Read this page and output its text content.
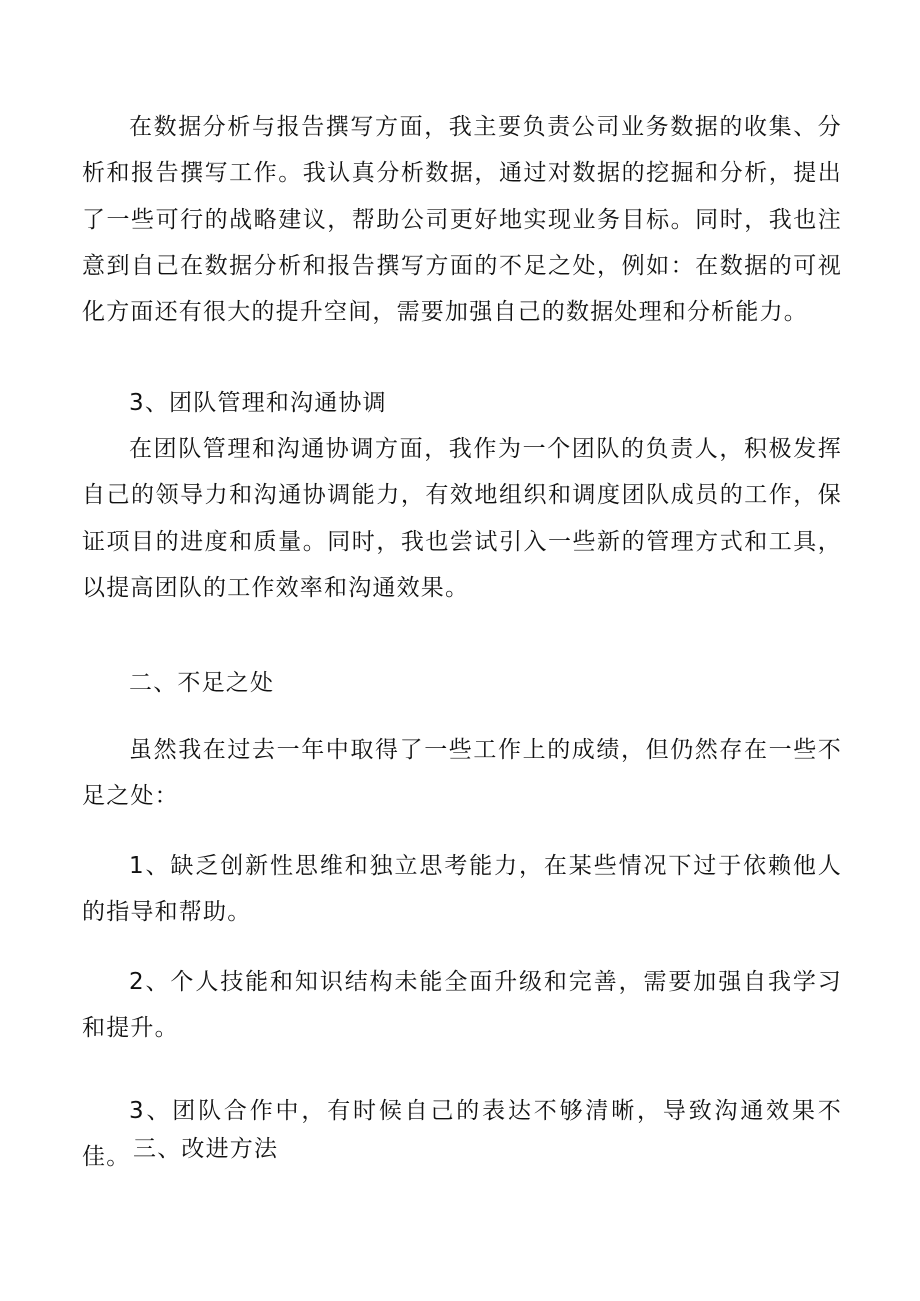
在数据分析与报告撰写方面，我主要负责公司业务数据的收集、分析和报告撰写工作。我认真分析数据，通过对数据的挖掘和分析，提出了一些可行的战略建议，帮助公司更好地实现业务目标。同时，我也注意到自己在数据分析和报告撰写方面的不足之处，例如：在数据的可视化方面还有很大的提升空间，需要加强自己的数据处理和分析能力。

3、团队管理和沟通协调

在团队管理和沟通协调方面，我作为一个团队的负责人，积极发挥自己的领导力和沟通协调能力，有效地组织和调度团队成员的工作，保证项目的进度和质量。同时，我也尝试引入一些新的管理方式和工具，以提高团队的工作效率和沟通效果。

二、不足之处

虽然我在过去一年中取得了一些工作上的成绩，但仍然存在一些不足之处：

1、缺乏创新性思维和独立思考能力，在某些情况下过于依赖他人的指导和帮助。

2、个人技能和知识结构未能全面升级和完善，需要加强自我学习和提升。

3、团队合作中，有时候自己的表达不够清晰，导致沟通效果不佳。 三、改进方法
